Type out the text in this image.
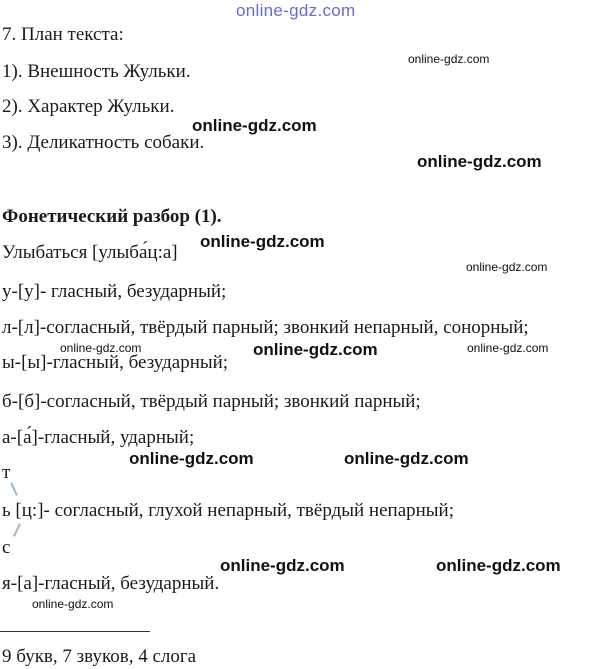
online-gdz.com
7. План текста:
1). Внешность Жульки.
2). Характер Жульки.
3). Деликатность собаки.
Фонетический разбор (1).
Улыбаться [улыба́ц:а]
у-[у]- гласный, безударный;
л-[л]-согласный, твёрдый парный; звонкий непарный, сонорный;
ы-[ы]-гласный, безударный;
б-[б]-согласный, твёрдый парный; звонкий парный;
а-[а́]-гласный, ударный;
т
ь [ц:]- согласный, глухой непарный, твёрдый непарный;
с
я-[а]-гласный, безударный.
9 букв, 7 звуков, 4 слога
online-gdz.com
online-gdz.com
online-gdz.com
online-gdz.com
online-gdz.com
online-gdz.com	online-gdz.com	online-gdz.com
online-gdz.com	online-gdz.com
online-gdz.com	online-gdz.com
online-gdz.com
